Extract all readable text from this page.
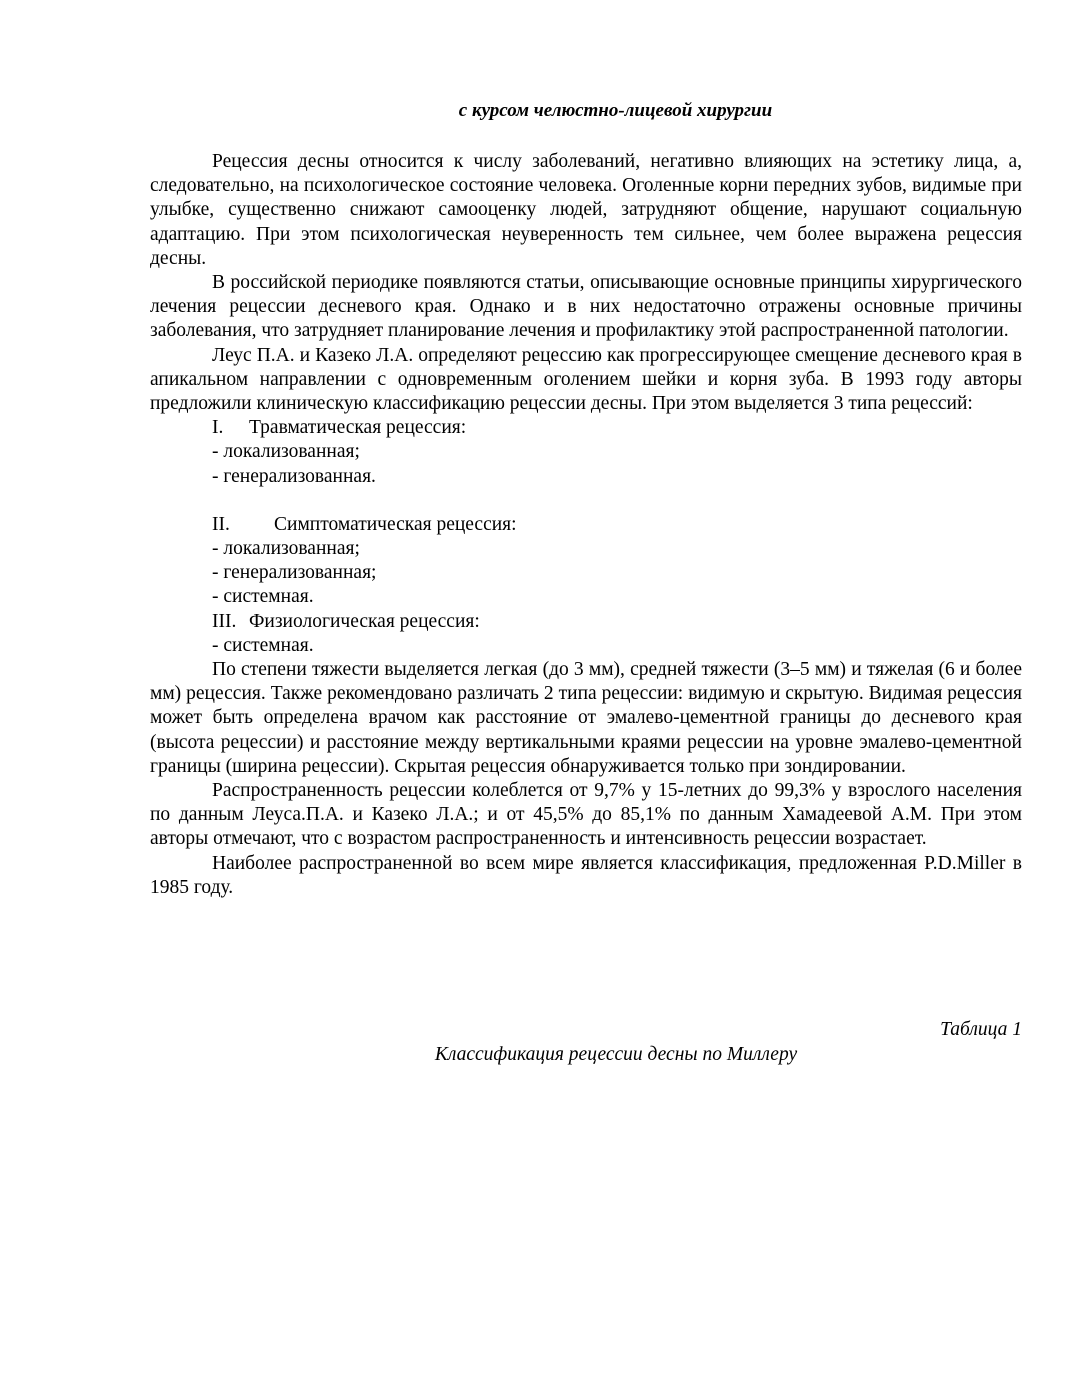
с курсом челюстно-лицевой хирургии

Рецессия десны относится к числу заболеваний, негативно влияющих на эстетику лица, а, следовательно, на психологическое состояние человека. Оголенные корни передних зубов, видимые при улыбке, существенно снижают самооценку людей, затрудняют общение, нарушают социальную адаптацию. При этом психологическая неуверенность тем сильнее, чем более выражена рецессия десны.

В российской периодике появляются статьи, описывающие основные принципы хирургического лечения рецессии десневого края. Однако и в них недостаточно отражены основные причины заболевания, что затрудняет планирование лечения и профилактику этой распространенной патологии.

Леус П.А. и Казеко Л.А. определяют рецессию как прогрессирующее смещение десневого края в апикальном направлении с одновременным оголением шейки и корня зуба. В 1993 году авторы предложили клиническую классификацию рецессии десны. При этом выделяется 3 типа рецессий:

I. Травматическая рецессия:

- локализованная;

- генерализованная.

II. Симптоматическая рецессия:

- локализованная;

- генерализованная;

- системная.

III. Физиологическая рецессия:

- системная.

По степени тяжести выделяется легкая (до 3 мм), средней тяжести (3–5 мм) и тяжелая (6 и более мм) рецессия. Также рекомендовано различать 2 типа рецессии: видимую и скрытую. Видимая рецессия может быть определена врачом как расстояние от эмалево-цементной границы до десневого края (высота рецессии) и расстояние между вертикальными краями рецессии на уровне эмалево-цементной границы (ширина рецессии). Скрытая рецессия обнаруживается только при зондировании.

Распространенность рецессии колеблется от 9,7% у 15-летних до 99,3% у взрослого населения по данным Леуса.П.А. и Казеко Л.А.; и от 45,5% до 85,1% по данным Хамадеевой А.М. При этом авторы отмечают, что с возрастом распространенность и интенсивность рецессии возрастает.

Наиболее распространенной во всем мире является классификация, предложенная P.D.Miller в 1985 году.

Таблица 1
Классификация рецессии десны по Миллеру
